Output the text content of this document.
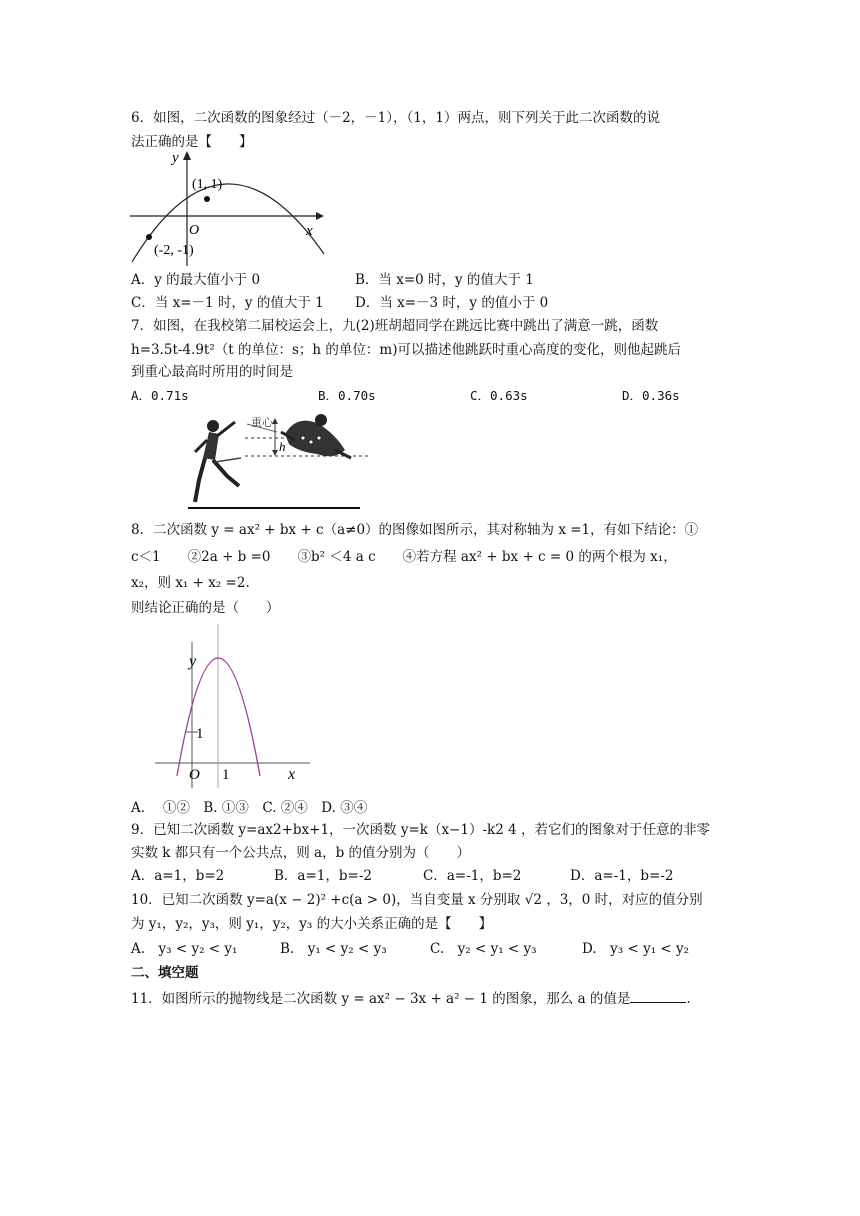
6．如图，二次函数的图象经过（－2，－1），（1，1）两点，则下列关于此二次函数的说
法正确的是【　　】
y
x
O
(1, 1)
(-2, -1)
A．y 的最大值小于 0	B．当 x=0 时，y 的值大于 1
C．当 x=－1 时，y 的值大于 1 D．当 x=－3 时，y 的值小于 0
7．如图，在我校第二届校运会上，九(2)班胡超同学在跳远比赛中跳出了满意一跳，函数
h=3.5t-4.9t²（t 的单位：s；h 的单位：m)可以描述他跳跃时重心高度的变化，则他起跳后
到重心最高时所用的时间是
A．0.71s	B．0.70s	C．0.63s	D．0.36s
重心
h
8．二次函数 y = ax² + bx + c（a≠0）的图像如图所示，其对称轴为 x =1，有如下结论：①
c＜1　　②2a + b =0　　③b² ＜4 a c　　④若方程 ax² + bx + c = 0 的两个根为 x₁，
x₂，则 x₁ + x₂ =2.
则结论正确的是（　　）
y
x
O 1
1
A.　 ①②　B. ①③　C. ②④　D. ③④
9．已知二次函数 y=ax2+bx+1，一次函数 y=k（x−1）-k2 4 ，若它们的图象对于任意的非零
实数 k 都只有一个公共点，则 a，b 的值分别为（　　）
A．a=1，b=2	B．a=1，b=-2	C．a=-1，b=2	D．a=-1，b=-2
10．已知二次函数 y=a(x − 2)² +c(a > 0)，当自变量 x 分别取 √2 ，3，0 时，对应的值分别
为 y₁，y₂，y₃，则 y₁，y₂，y₃ 的大小关系正确的是【　　】
A.　y₃ < y₂ < y₁	B.　y₁ < y₂ < y₃	C.　y₂ < y₁ < y₃	D.　y₃ < y₁ < y₂
二、填空题
11．如图所示的抛物线是二次函数 y = ax² − 3x + a² − 1 的图象，那么 a 的值是	.
